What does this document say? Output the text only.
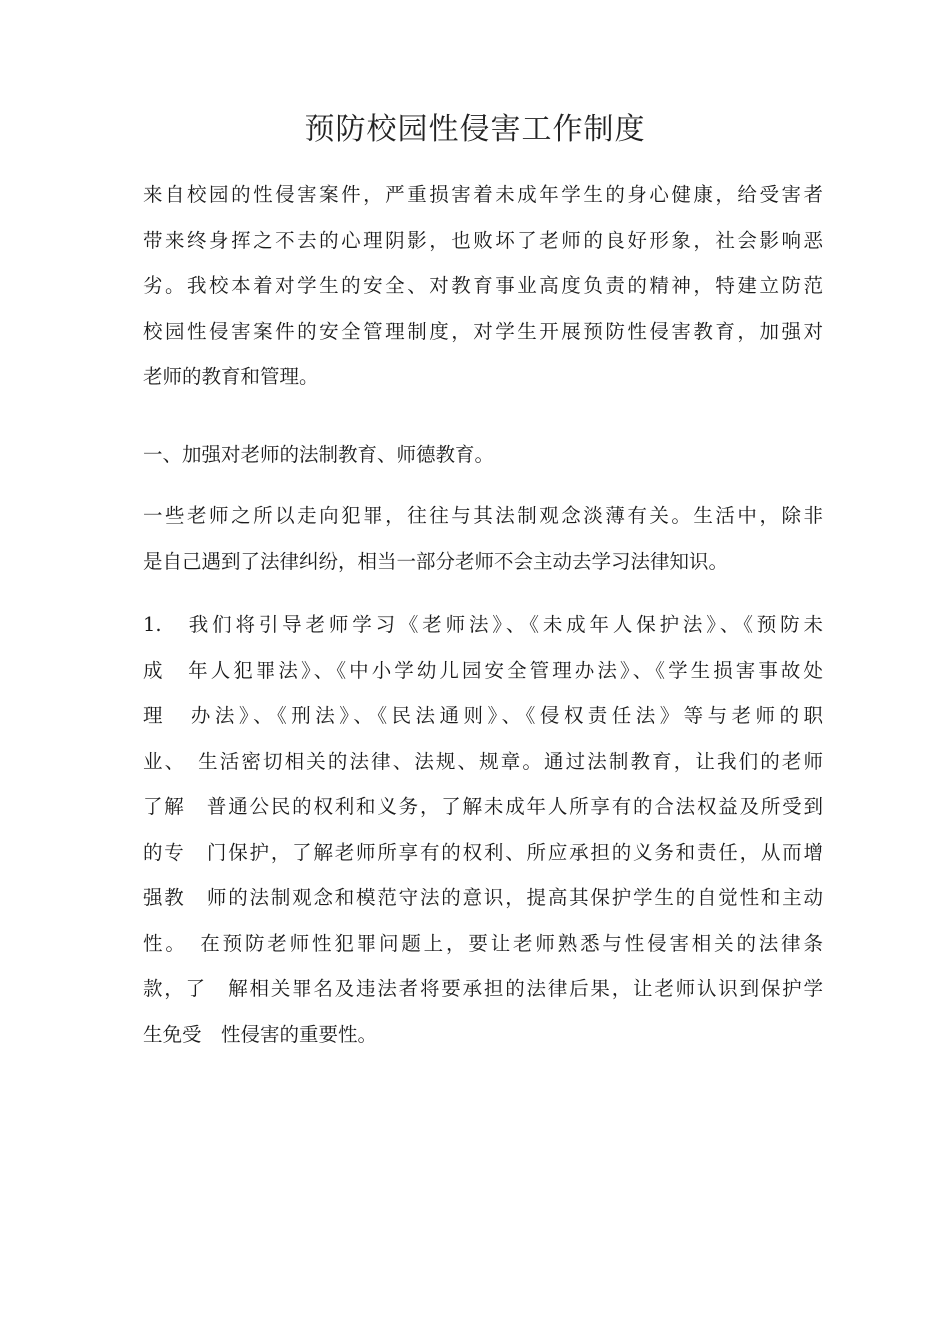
预防校园性侵害工作制度

来自校园的性侵害案件，严重损害着未成年学生的身心健康，给受害者
带来终身挥之不去的心理阴影，也败坏了老师的良好形象，社会影响恶
劣。我校本着对学生的安全、对教育事业高度负责的精神，特建立防范
校园性侵害案件的安全管理制度，对学生开展预防性侵害教育，加强对
老师的教育和管理。

一、加强对老师的法制教育、师德教育。

一些老师之所以走向犯罪，往往与其法制观念淡薄有关。生活中，除非
是自己遇到了法律纠纷，相当一部分老师不会主动去学习法律知识。

1.　我们将引导老师学习《老师法》、《未成年人保护法》、《预防未
成　年人犯罪法》、《中小学幼儿园安全管理办法》、《学生损害事故处
理　办法》、《刑法》、《民法通则》、《侵权责任法》等与老师的职
业、　生活密切相关的法律、法规、规章。通过法制教育，让我们的老师
了解　普通公民的权利和义务，了解未成年人所享有的合法权益及所受到
的专　门保护，了解老师所享有的权利、所应承担的义务和责任，从而增
强教　师的法制观念和模范守法的意识，提高其保护学生的自觉性和主动
性。　在预防老师性犯罪问题上，要让老师熟悉与性侵害相关的法律条
款，了　解相关罪名及违法者将要承担的法律后果，让老师认识到保护学
生免受　性侵害的重要性。
